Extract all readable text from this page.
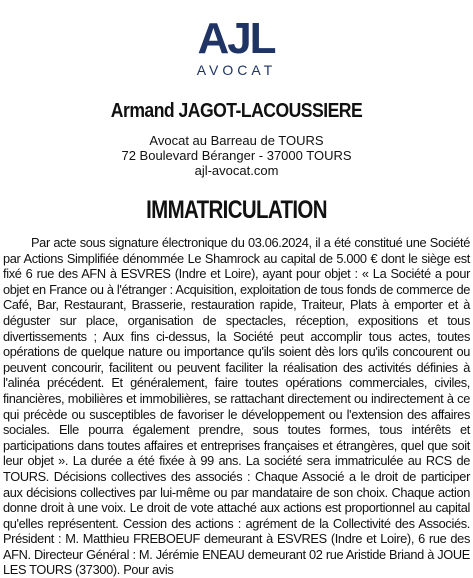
AJL
AVOCAT
Armand JAGOT-LACOUSSIERE
Avocat au Barreau de TOURS
72 Boulevard Béranger - 37000 TOURS
ajl-avocat.com
IMMATRICULATION
Par acte sous signature électronique du 03.06.2024, il a été constitué une Société par Actions Simplifiée dénommée Le Shamrock au capital de 5.000 € dont le siège est fixé 6 rue des AFN à ESVRES (Indre et Loire), ayant pour objet : « La Société a pour objet en France ou à l'étranger : Acquisition, exploitation de tous fonds de commerce de Café, Bar, Restaurant, Brasserie, restauration rapide, Traiteur, Plats à emporter et à déguster sur place, organisation de spectacles, réception, expositions et tous divertissements ; Aux fins ci-dessus, la Société peut accomplir tous actes, toutes opérations de quelque nature ou importance qu'ils soient dès lors qu'ils concourent ou peuvent concourir, facilitent ou peuvent faciliter la réalisation des activités définies à l'alinéa précédent. Et généralement, faire toutes opérations commerciales, civiles, financières, mobilières et immobilières, se rattachant directement ou indirectement à ce qui précède ou susceptibles de favoriser le développement ou l'extension des affaires sociales. Elle pourra également prendre, sous toutes formes, tous intérêts et participations dans toutes affaires et entreprises françaises et étrangères, quel que soit leur objet ». La durée a été fixée à 99 ans. La société sera immatriculée au RCS de TOURS. Décisions collectives des associés : Chaque Associé a le droit de participer aux décisions collectives par lui-même ou par mandataire de son choix. Chaque action donne droit à une voix. Le droit de vote attaché aux actions est proportionnel au capital qu'elles représentent. Cession des actions : agrément de la Collectivité des Associés. Président : M. Matthieu FREBOEUF demeurant à ESVRES (Indre et Loire), 6 rue des AFN. Directeur Général : M. Jérémie ENEAU demeurant 02 rue Aristide Briand à JOUE LES TOURS (37300). Pour avis
